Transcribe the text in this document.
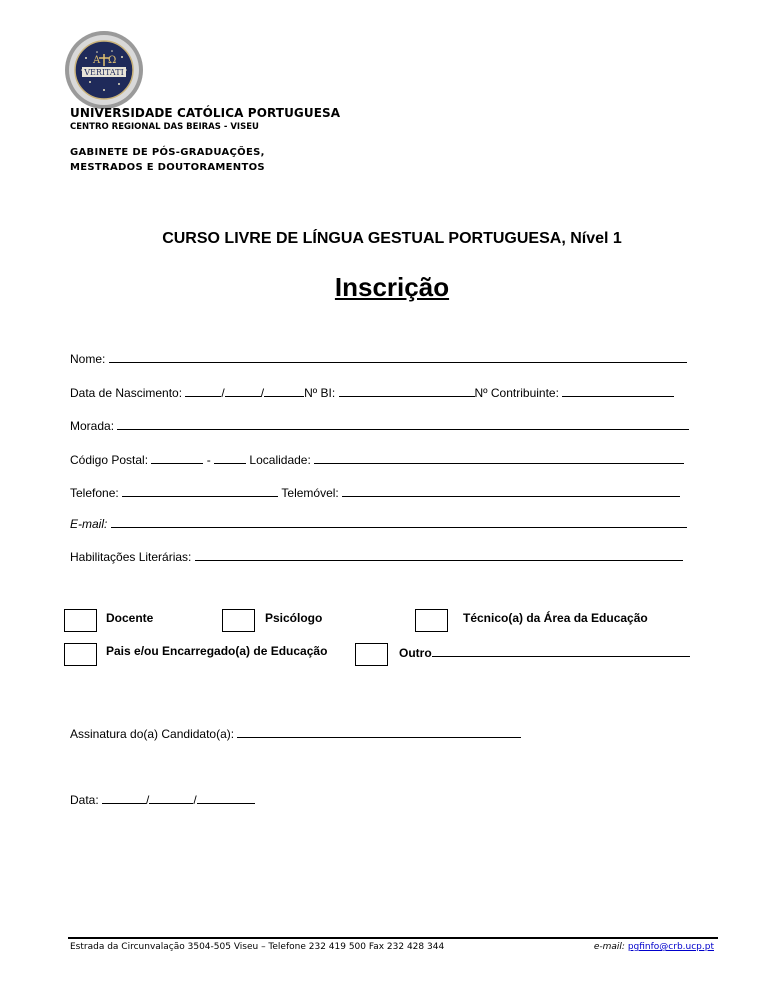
A Ω
VERITATI
UNIVERSIDADE CATÓLICA PORTUGUESA
CENTRO REGIONAL DAS BEIRAS - VISEU
GABINETE DE PÓS-GRADUAÇÕES,
MESTRADOS E DOUTORAMENTOS
CURSO LIVRE DE LÍNGUA GESTUAL PORTUGUESA, Nível 1
Inscrição
Nome:
Data de Nascimento:	/	/	Nº BI:	Nº Contribuinte:
Morada:
Código Postal:	-	Localidade:
Telefone:	Telemóvel:
E-mail:
Habilitações Literárias:
Docente	Psicólogo	Técnico(a) da Área da Educação
Pais e/ou Encarregado(a) de Educação	Outro
Assinatura do(a) Candidato(a):
Data:	/	/
Estrada da Circunvalação 3504-505 Viseu – Telefone 232 419 500 Fax 232 428 344	e-mail: pgfinfo@crb.ucp.pt
